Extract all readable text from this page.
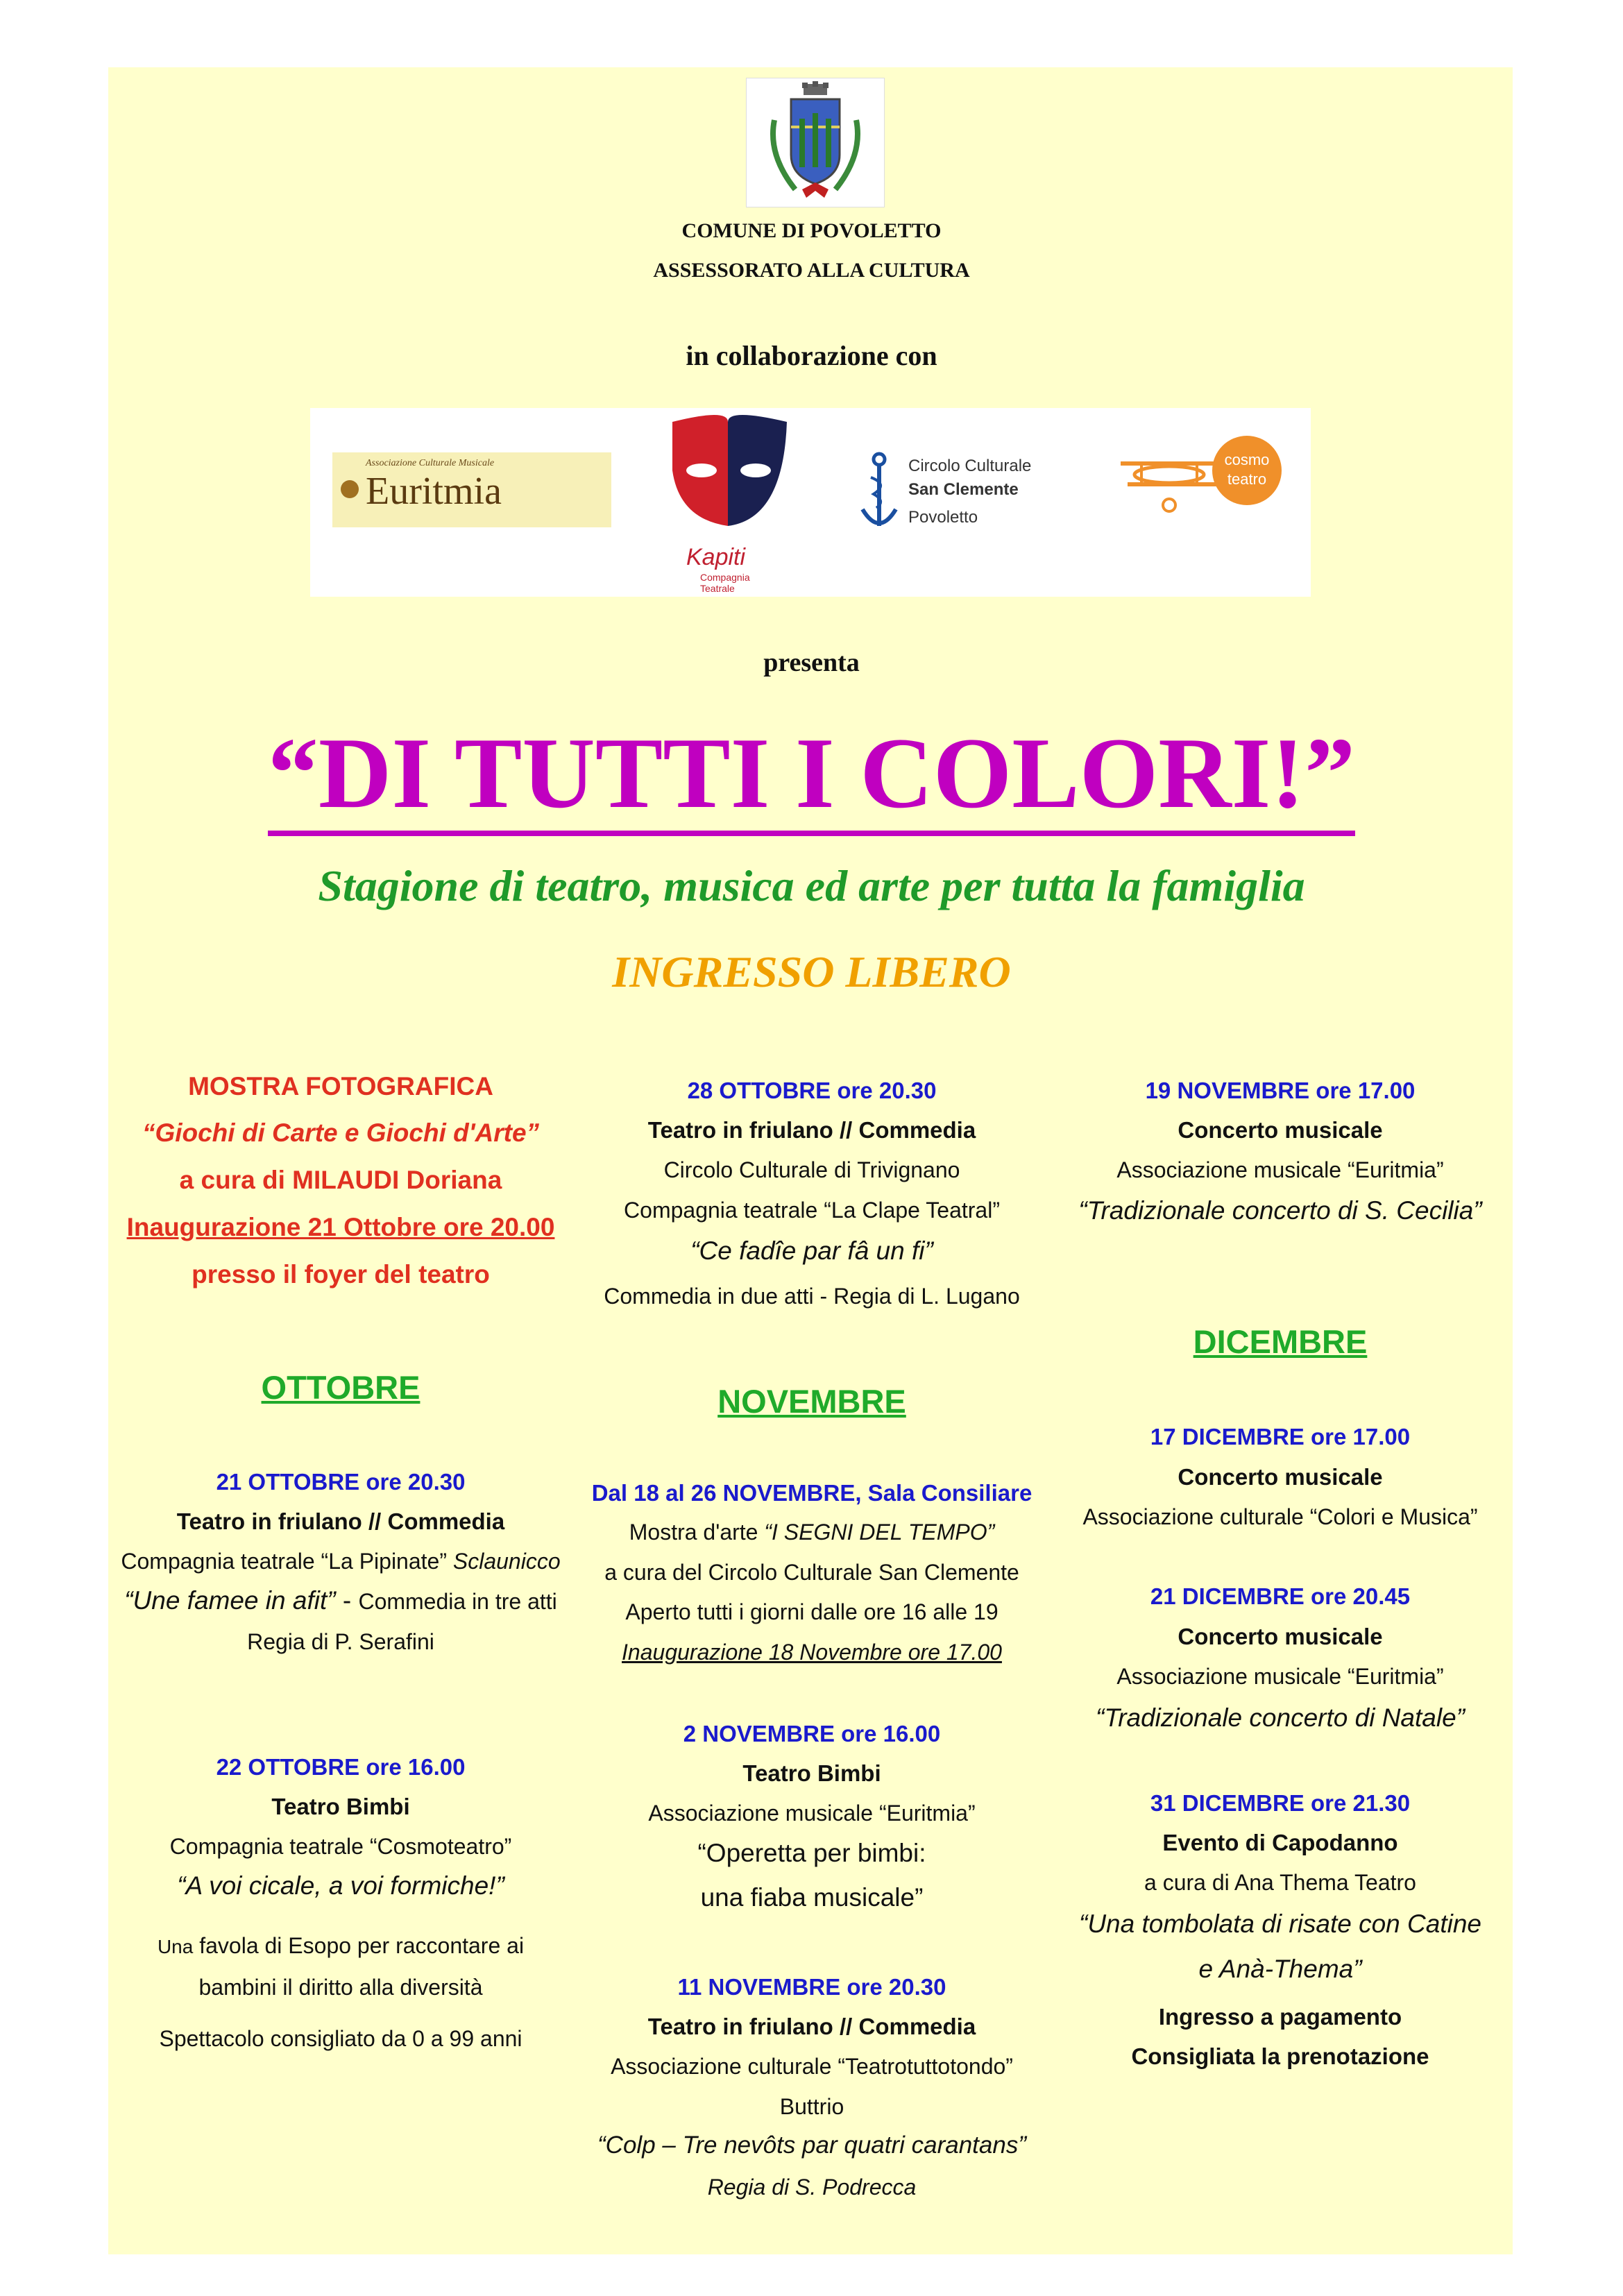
COMUNE DI POVOLETTO
ASSESSORATO ALLA CULTURA
in collaborazione con
Associazione Culturale Musicale
Euritmia
Kapiti
Compagnia Teatrale
Circolo Culturale
San Clemente
Povoletto
cosmo
teatro
presenta
“DI TUTTI I COLORI!”
Stagione di teatro, musica ed arte per tutta la famiglia
INGRESSO LIBERO
MOSTRA FOTOGRAFICA
“Giochi di Carte e Giochi d'Arte”
a cura di MILAUDI Doriana
Inaugurazione 21 Ottobre ore 20.00
presso il foyer del teatro
OTTOBRE
21 OTTOBRE ore 20.30
Teatro in friulano // Commedia
Compagnia teatrale “La Pipinate” Sclaunicco
“Une famee in afit” - Commedia in tre atti
Regia di P. Serafini
22 OTTOBRE ore 16.00
Teatro Bimbi
Compagnia teatrale “Cosmoteatro”
“A voi cicale, a voi formiche!”
Una favola di Esopo per raccontare ai
bambini il diritto alla diversità
Spettacolo consigliato da 0 a 99 anni
28 OTTOBRE ore 20.30
Teatro in friulano // Commedia
Circolo Culturale di Trivignano
Compagnia teatrale “La Clape Teatral”
“Ce fadîe par fâ un fi”
Commedia in due atti - Regia di L. Lugano
NOVEMBRE
Dal 18 al 26 NOVEMBRE, Sala Consiliare
Mostra d'arte “I SEGNI DEL TEMPO”
a cura del Circolo Culturale San Clemente
Aperto tutti i giorni dalle ore 16 alle 19
Inaugurazione 18 Novembre ore 17.00
2 NOVEMBRE ore 16.00
Teatro Bimbi
Associazione musicale “Euritmia”
“Operetta per bimbi:
una fiaba musicale”
11 NOVEMBRE ore 20.30
Teatro in friulano // Commedia
Associazione culturale “Teatrotuttotondo”
Buttrio
“Colp – Tre nevôts par quatri carantans”
Regia di S. Podrecca
19 NOVEMBRE ore 17.00
Concerto musicale
Associazione musicale “Euritmia”
“Tradizionale concerto di S. Cecilia”
DICEMBRE
17 DICEMBRE ore 17.00
Concerto musicale
Associazione culturale “Colori e Musica”
21 DICEMBRE ore 20.45
Concerto musicale
Associazione musicale “Euritmia”
“Tradizionale concerto di Natale”
31 DICEMBRE ore 21.30
Evento di Capodanno
a cura di Ana Thema Teatro
“Una tombolata di risate con Catine
e Anà-Thema”
Ingresso a pagamento
Consigliata la prenotazione
